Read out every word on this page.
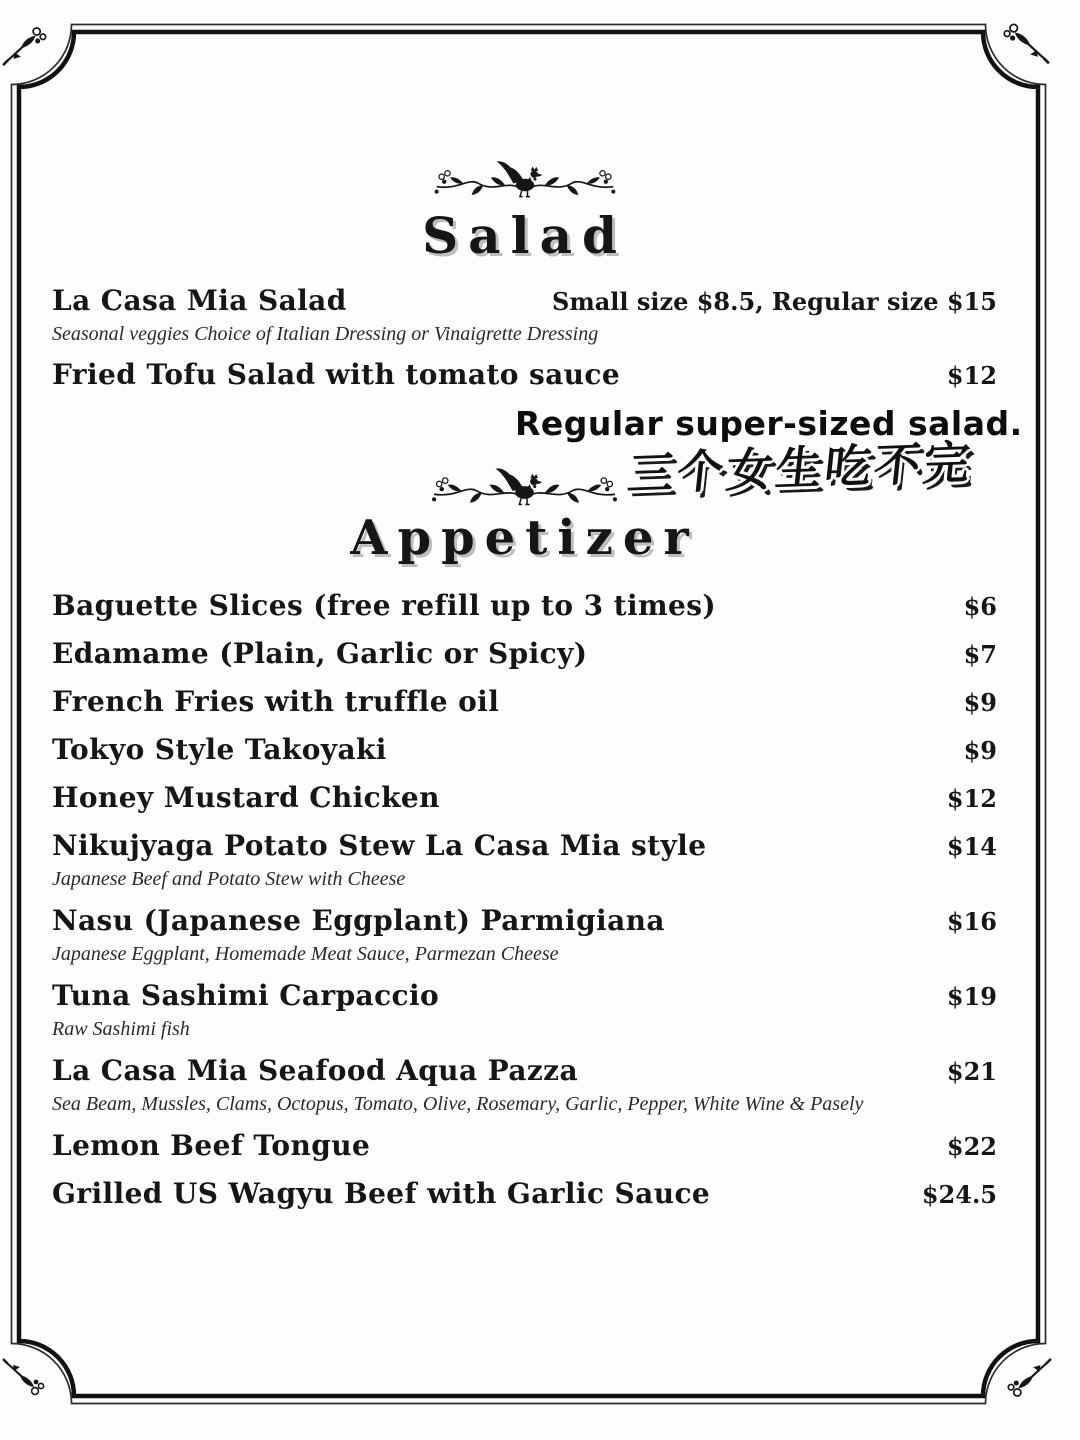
Salad
La Casa Mia Salad	Small size $8.5, Regular size $15
Seasonal veggies Choice of Italian Dressing or Vinaigrette Dressing
Fried Tofu Salad with tomato sauce	$12
Appetizer
Baguette Slices (free refill up to 3 times)	$6
Edamame (Plain, Garlic or Spicy)	$7
French Fries with truffle oil	$9
Tokyo Style Takoyaki	$9
Honey Mustard Chicken	$12
Nikujyaga Potato Stew La Casa Mia style	$14
Japanese Beef and Potato Stew with Cheese
Nasu (Japanese Eggplant) Parmigiana	$16
Japanese Eggplant, Homemade Meat Sauce, Parmezan Cheese
Tuna Sashimi Carpaccio	$19
Raw Sashimi fish
La Casa Mia Seafood Aqua Pazza	$21
Sea Beam, Mussles, Clams, Octopus, Tomato, Olive, Rosemary, Garlic, Pepper, White Wine & Pasely
Lemon Beef Tongue	$22
Grilled US Wagyu Beef with Garlic Sauce	$24.5
Regular super-sized salad.
三个女生吃不完
